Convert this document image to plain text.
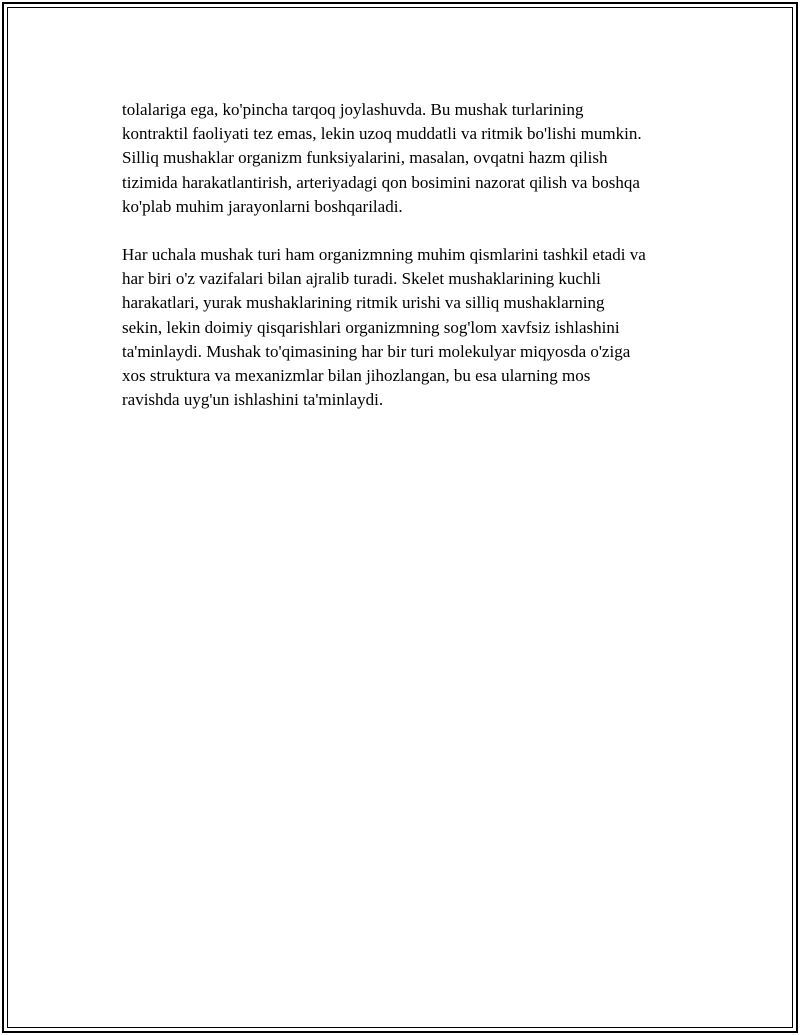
tolalariga ega, ko'pincha tarqoq joylashuvda. Bu mushak turlarining
kontraktil faoliyati tez emas, lekin uzoq muddatli va ritmik bo'lishi mumkin.
Silliq mushaklar organizm funksiyalarini, masalan, ovqatni hazm qilish
tizimida harakatlantirish, arteriyadagi qon bosimini nazorat qilish va boshqa
ko'plab muhim jarayonlarni boshqariladi.

Har uchala mushak turi ham organizmning muhim qismlarini tashkil etadi va
har biri o'z vazifalari bilan ajralib turadi. Skelet mushaklarining kuchli
harakatlari, yurak mushaklarining ritmik urishi va silliq mushaklarning
sekin, lekin doimiy qisqarishlari organizmning sog'lom xavfsiz ishlashini
ta'minlaydi. Mushak to'qimasining har bir turi molekulyar miqyosda o'ziga
xos struktura va mexanizmlar bilan jihozlangan, bu esa ularning mos
ravishda uyg'un ishlashini ta'minlaydi.
